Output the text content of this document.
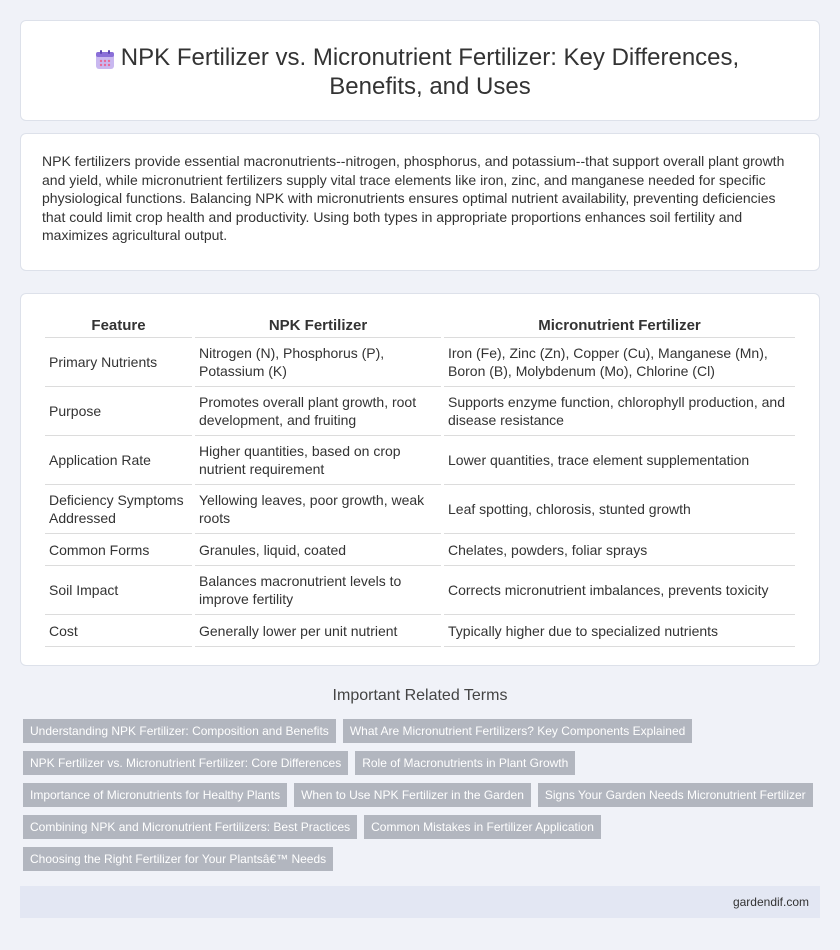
NPK Fertilizer vs. Micronutrient Fertilizer: Key Differences, Benefits, and Uses

NPK fertilizers provide essential macronutrients--nitrogen, phosphorus, and potassium--that support overall plant growth and yield, while micronutrient fertilizers supply vital trace elements like iron, zinc, and manganese needed for specific physiological functions. Balancing NPK with micronutrients ensures optimal nutrient availability, preventing deficiencies that could limit crop health and productivity. Using both types in appropriate proportions enhances soil fertility and maximizes agricultural output.

Feature	NPK Fertilizer	Micronutrient Fertilizer
Primary Nutrients	Nitrogen (N), Phosphorus (P), Potassium (K)	Iron (Fe), Zinc (Zn), Copper (Cu), Manganese (Mn), Boron (B), Molybdenum (Mo), Chlorine (Cl)
Purpose	Promotes overall plant growth, root development, and fruiting	Supports enzyme function, chlorophyll production, and disease resistance
Application Rate	Higher quantities, based on crop nutrient requirement	Lower quantities, trace element supplementation
Deficiency Symptoms Addressed	Yellowing leaves, poor growth, weak roots	Leaf spotting, chlorosis, stunted growth
Common Forms	Granules, liquid, coated	Chelates, powders, foliar sprays
Soil Impact	Balances macronutrient levels to improve fertility	Corrects micronutrient imbalances, prevents toxicity
Cost	Generally lower per unit nutrient	Typically higher due to specialized nutrients
Important Related Terms
Understanding NPK Fertilizer: Composition and Benefits	What Are Micronutrient Fertilizers? Key Components Explained
NPK Fertilizer vs. Micronutrient Fertilizer: Core Differences	Role of Macronutrients in Plant Growth
Importance of Micronutrients for Healthy Plants	When to Use NPK Fertilizer in the Garden	Signs Your Garden Needs Micronutrient Fertilizer
Combining NPK and Micronutrient Fertilizers: Best Practices	Common Mistakes in Fertilizer Application
Choosing the Right Fertilizer for Your Plantsâ€™ Needs
gardendif.com
